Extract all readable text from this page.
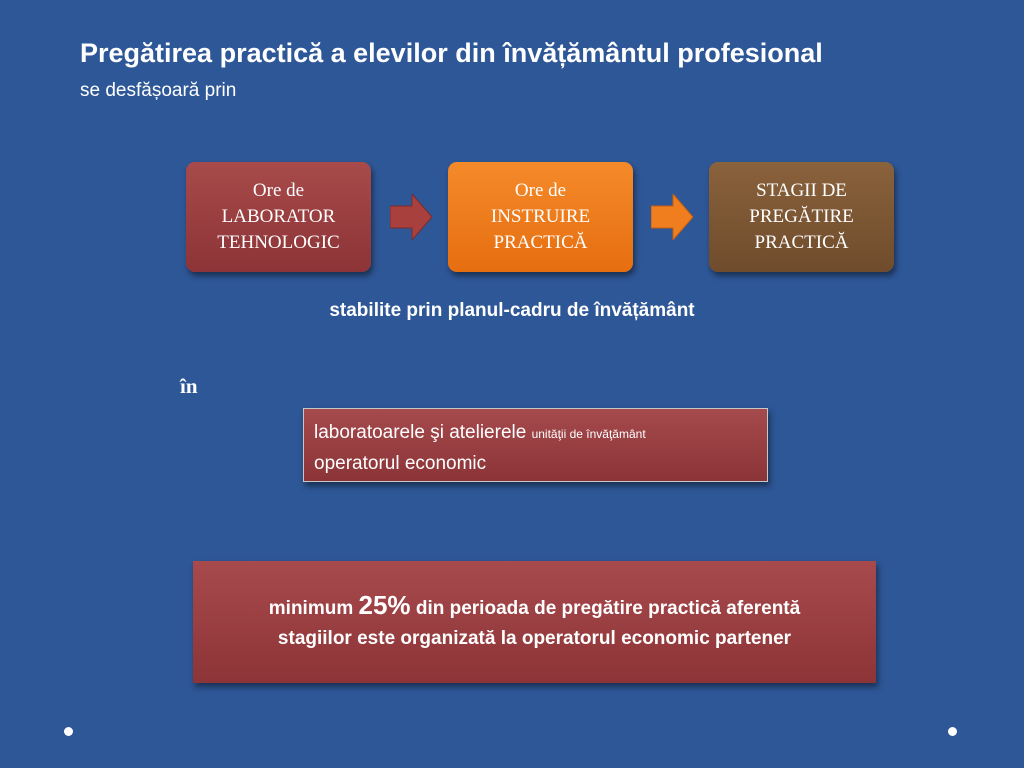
Pregătirea practică a elevilor din învățământul profesional

se desfășoară prin

Ore de
LABORATOR
TEHNOLOGIC
Ore de
INSTRUIRE
PRACTICĂ
STAGII DE
PREGĂTIRE
PRACTICĂ
stabilite prin planul-cadru de învățământ
în
laboratoarele şi atelierele unităţii de învăţământ
operatorul economic
minimum 25% din perioada de pregătire practică aferentă
stagiilor este organizată la operatorul economic partener
